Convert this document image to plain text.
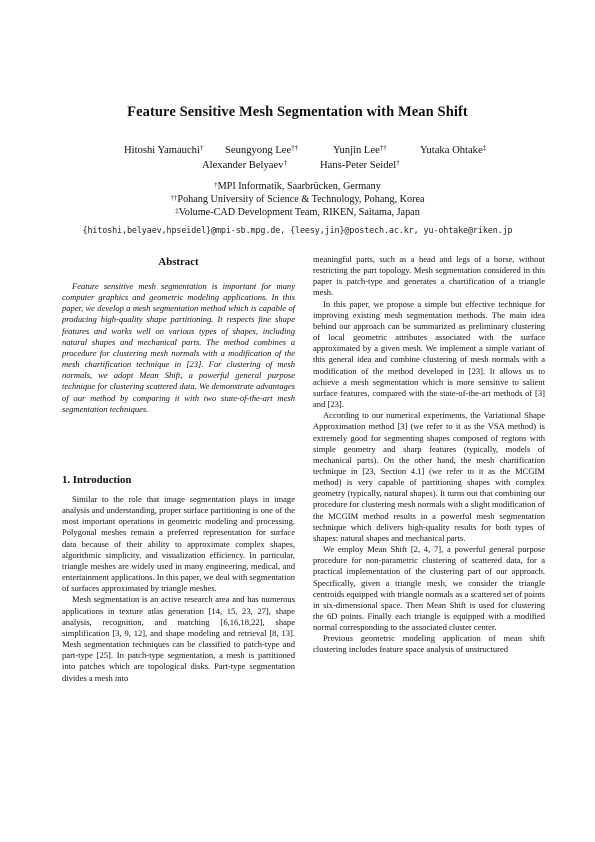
Feature Sensitive Mesh Segmentation with Mean Shift
Hitoshi Yamauchi† Seungyong Lee††	Yunjin Lee††	Yutaka Ohtake‡
Alexander Belyaev†	Hans-Peter Seidel†
†MPI Informatik, Saarbrücken, Germany
††Pohang University of Science & Technology, Pohang, Korea
‡Volume-CAD Development Team, RIKEN, Saitama, Japan
{hitoshi,belyaev,hpseidel}@mpi-sb.mpg.de, {leesy,jin}@postech.ac.kr, yu-ohtake@riken.jp
Abstract
Feature sensitive mesh segmentation is important for many computer graphics and geometric modeling applications. In this paper, we develop a mesh segmentation method which is capable of producing high-quality shape partitioning. It respects fine shape features and works well on various types of shapes, including natural shapes and mechanical parts. The method combines a procedure for clustering mesh normals with a modification of the mesh chartification technique in [23]. For clustering of mesh normals, we adopt Mean Shift, a powerful general purpose technique for clustering scattered data. We demonstrate advantages of our method by comparing it with two state-of-the-art mesh segmentation techniques.
1. Introduction

Similar to the role that image segmentation plays in image analysis and understanding, proper surface partitioning is one of the most important operations in geometric modeling and processing. Polygonal meshes remain a preferred representation for surface data because of their ability to approximate complex shapes, algorithmic simplicity, and visualization efficiency. In particular, triangle meshes are widely used in many engineering, medical, and entertainment applications. In this paper, we deal with segmentation of surfaces approximated by triangle meshes.

Mesh segmentation is an active research area and has numerous applications in texture atlas generation [14, 15, 23, 27], shape analysis, recognition, and matching [6,16,18,22], shape simplification [3, 9, 12], and shape modeling and retrieval [8, 13]. Mesh segmentation techniques can be classified to patch-type and part-type [25]. In patch-type segmentation, a mesh is partitioned into patches which are topological disks. Part-type segmentation divides a mesh into

meaningful parts, such as a head and legs of a horse, without restricting the part topology. Mesh segmentation considered in this paper is patch-type and generates a chartification of a triangle mesh.

In this paper, we propose a simple but effective technique for improving existing mesh segmentation methods. The main idea behind our approach can be summarized as preliminary clustering of local geometric attributes associated with the surface approximated by a given mesh. We implement a simple variant of this general idea and combine clustering of mesh normals with a modification of the method developed in [23]. It allows us to achieve a mesh segmentation which is more sensitive to salient surface features, compared with the state-of-the-art methods of [3] and [23].

According to our numerical experiments, the Variational Shape Approximation method [3] (we refer to it as the VSA method) is extremely good for segmenting shapes composed of regions with simple geometry and sharp features (typically, models of mechanical parts). On the other hand, the mesh chartification technique in [23, Section 4.1] (we refer to it as the MCGIM method) is very capable of partitioning shapes with complex geometry (typically, natural shapes). It turns out that combining our procedure for clustering mesh normals with a slight modification of the MCGIM method results in a powerful mesh segmentation technique which delivers high-quality results for both types of shapes: natural shapes and mechanical parts.

We employ Mean Shift [2, 4, 7], a powerful general purpose procedure for non-parametric clustering of scattered data, for a practical implementation of the clustering part of our approach. Specifically, given a triangle mesh, we consider the triangle centroids equipped with triangle normals as a scattered set of points in six-dimensional space. Then Mean Shift is used for clustering the 6D points. Finally each triangle is equipped with a modified normal corresponding to the associated cluster center.

Previous geometric modeling application of mean shift clustering includes feature space analysis of unstructured
